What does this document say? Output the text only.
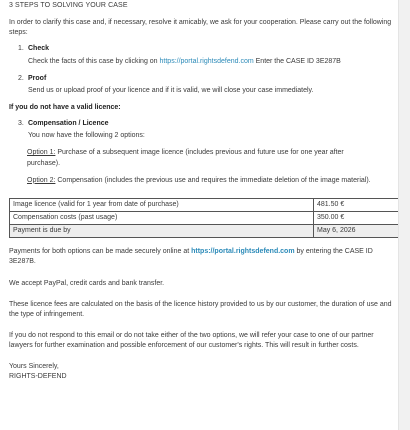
3 STEPS TO SOLVING YOUR CASE

In order to clarify this case and, if necessary, resolve it amicably, we ask for your cooperation. Please carry out the following steps:

1. Check
Check the facts of this case by clicking on https://portal.rightsdefend.com Enter the CASE ID 3E287B
2. Proof
Send us or upload proof of your licence and if it is valid, we will close your case immediately.

If you do not have a valid licence:

3. Compensation / Licence
You now have the following 2 options:

Option 1: Purchase of a subsequent image licence (includes previous and future use for one year after purchase).

Option 2: Compensation (includes the previous use and requires the immediate deletion of the image material).

Image licence (valid for 1 year from date of purchase)	481.50 €
Compensation costs (past usage)	350.00 €
Payment is due by	May 6, 2026

Payments for both options can be made securely online at https://portal.rightsdefend.com by entering the CASE ID 3E287B.

We accept PayPal, credit cards and bank transfer.

These licence fees are calculated on the basis of the licence history provided to us by our customer, the duration of use and the type of infringement.

If you do not respond to this email or do not take either of the two options, we will refer your case to one of our partner lawyers for further examination and possible enforcement of our customer's rights. This will result in further costs.

Yours Sincerely,

RIGHTS-DEFEND
